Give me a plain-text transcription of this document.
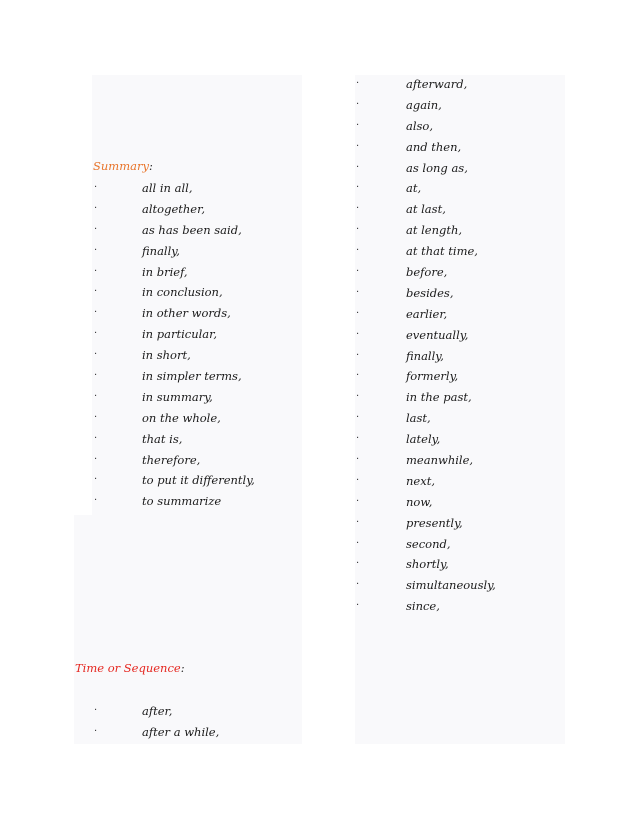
Summary:
·	all in all,
·	altogether,
·	as has been said,
·	finally,
·	in brief,
·	in conclusion,
·	in other words,
·	in particular,
·	in short,
·	in simpler terms,
·	in summary,
·	on the whole,
·	that is,
·	therefore,
·	to put it differently,
·	to summarize
Time or Sequence:
·	after,
·	after a while,
·	afterward,
·	again,
·	also,
·	and then,
·	as long as,
·	at,
·	at last,
·	at length,
·	at that time,
·	before,
·	besides,
·	earlier,
·	eventually,
·	finally,
·	formerly,
·	in the past,
·	last,
·	lately,
·	meanwhile,
·	next,
·	now,
·	presently,
·	second,
·	shortly,
·	simultaneously,
·	since,
